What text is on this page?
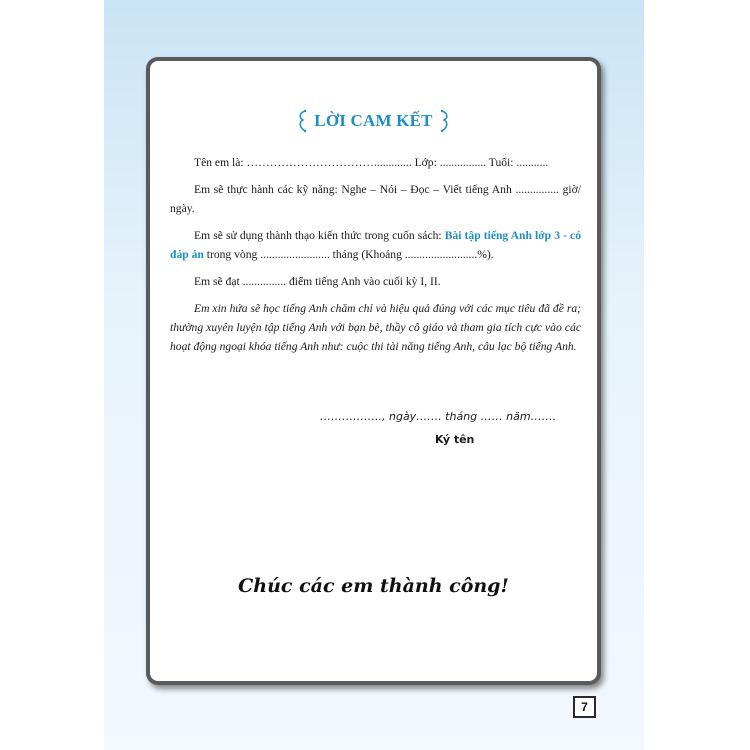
LỜI CAM KẾT

Tên em là: ……………………………............. Lớp: ................ Tuổi: ...........

Em sẽ thực hành các kỹ năng: Nghe – Nói – Đọc – Viết tiếng Anh ............... giờ/ ngày.

Em sẽ sử dụng thành thạo kiến thức trong cuốn sách: Bài tập tiếng Anh lớp 3 - có đáp án trong vòng ........................ tháng (Khoảng .........................%).

Em sẽ đạt ............... điểm tiếng Anh vào cuối kỳ I, II.

Em xin hứa sẽ học tiếng Anh chăm chỉ và hiệu quả đúng với các mục tiêu đã đề ra; thường xuyên luyện tập tiếng Anh với bạn bè, thầy cô giáo và tham gia tích cực vào các hoạt động ngoại khóa tiếng Anh như: cuộc thi tài năng tiếng Anh, câu lạc bộ tiếng Anh.

…………….., ngày……. tháng …… năm…….
Ký tên
Chúc các em thành công!
7
